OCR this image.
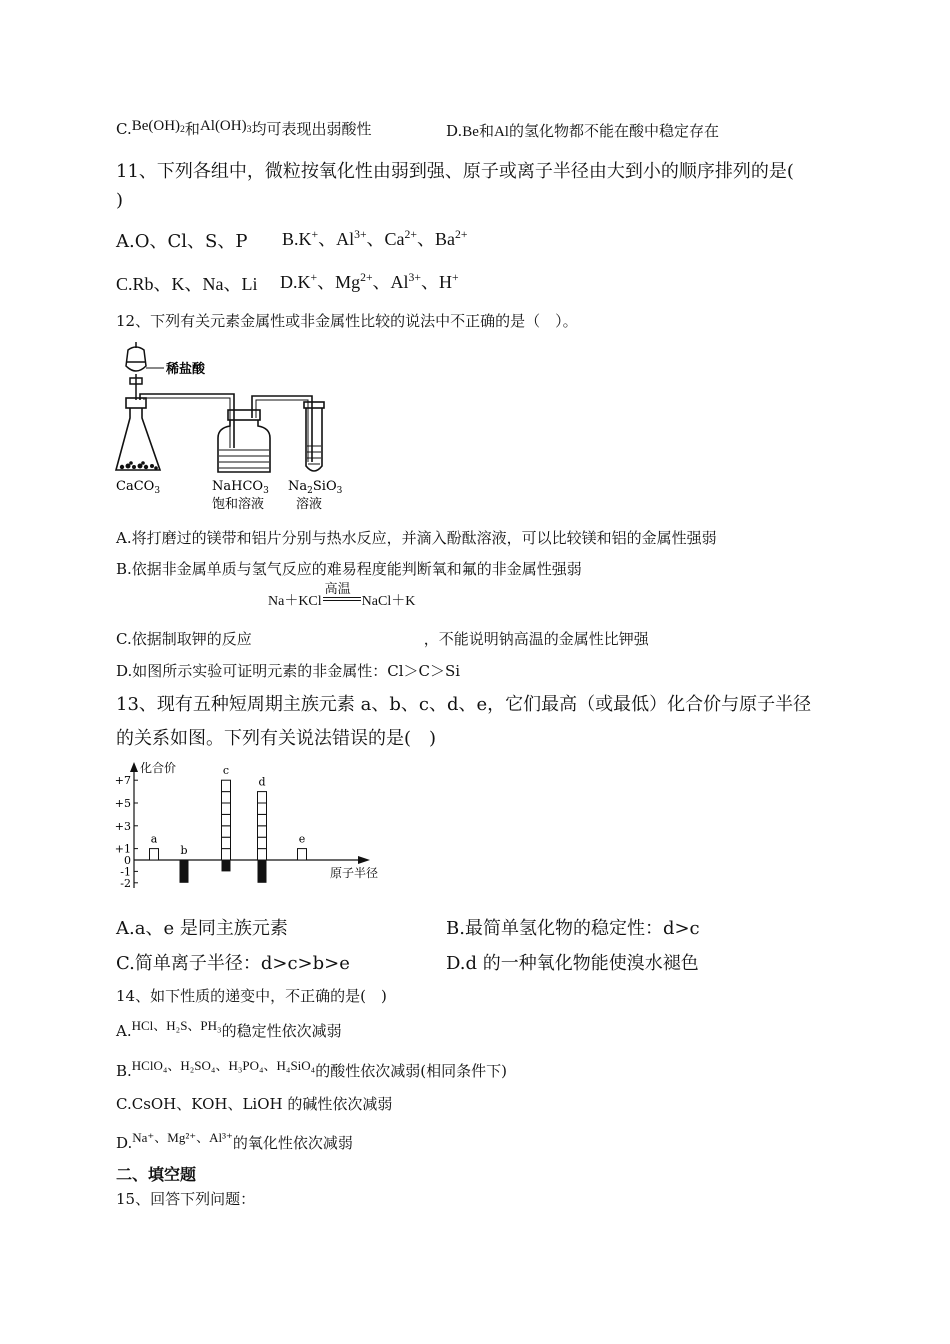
$C.Be(OH)_2$和$Al(OH)_3$均可表现出弱酸性	D.Be和Al的氢化物都不能在酸中稳定存在
11、下列各组中，微粒按氧化性由弱到强、原子或离子半径由大到小的顺序排列的是(
)
A.O、Cl、S、P B.K+、$Al^{3+}$、$Ca^{2+}$、$Ba^{2+}$
C.Rb、K、Na、Li D.K+、$Mg^{2+}$、$Al^{3+}$、H+
12、下列有关元素金属性或非金属性比较的说法中不正确的是（　）。
稀盐酸
CaCO$_3$	NaHCO$_3$
饱和溶液
$Na_2SiO_3$
溶液
A.将打磨过的镁带和铝片分别与热水反应，并滴入酚酞溶液，可以比较镁和铝的金属性强弱
B.依据非金属单质与氢气反应的难易程度能判断氧和氟的非金属性强弱
Na＋KCl
高温
NaCl＋K
C.依据制取钾的反应	，不能说明钠高温的金属性比钾强
D.如图所示实验可证明元素的非金属性：Cl＞C＞Si
13、现有五种短周期主族元素 a、b、c、d、e，它们最高（或最低）化合价与原子半径
的关系如图。下列有关说法错误的是(　)
化合价
原子半径
+7
+5
+3
+1
0
-1
-2
a
b
c
d
e
A.a、e 是同主族元素	B.最简单氢化物的稳定性：d>c
C.简单离子半径：d>c>b>e	D.d 的一种氧化物能使溴水褪色
14、如下性质的递变中，不正确的是(　)
A.HCl、H₂S、PH₃的稳定性依次减弱
B.HClO₄、H₂SO₄、H₃PO₄、H₄SiO₄的酸性依次减弱(相同条件下)
C.CsOH、KOH、LiOH 的碱性依次减弱
D.Na⁺、Mg²⁺、Al³⁺的氧化性依次减弱
二、填空题
15、回答下列问题：
